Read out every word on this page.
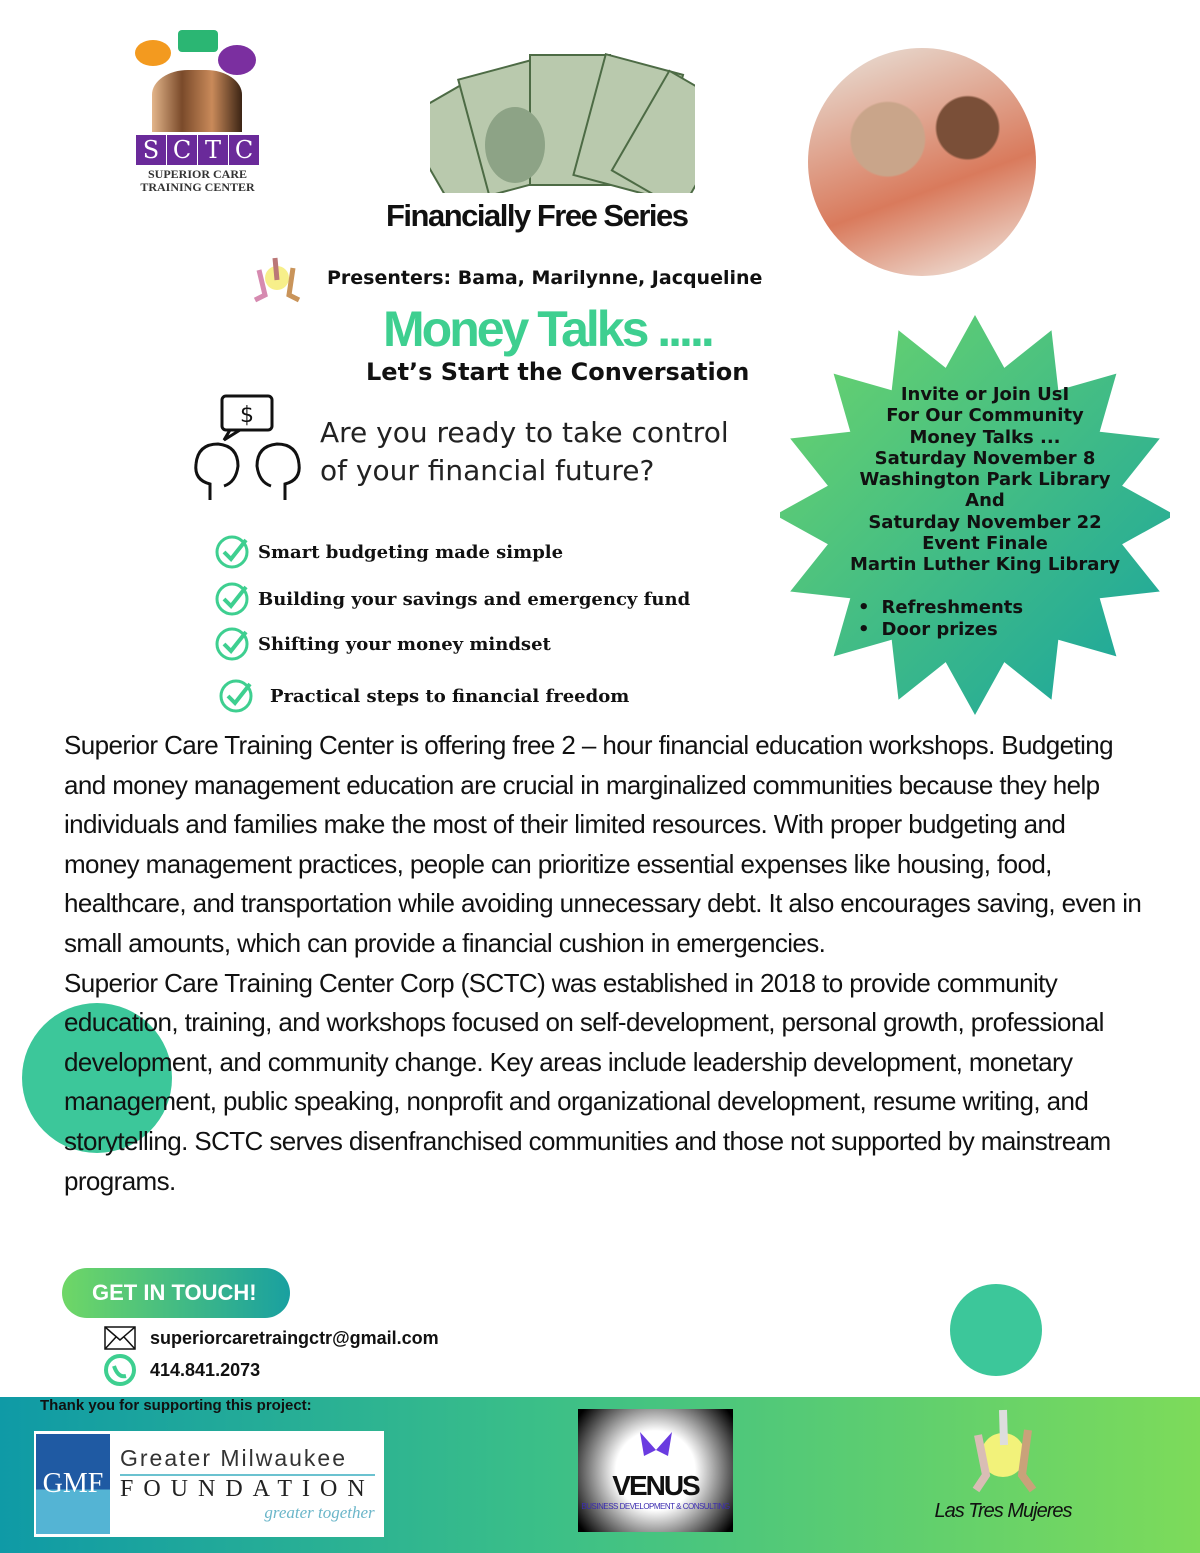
S C T C
SUPERIOR CARE
TRAINING CENTER
Financially Free Series
Presenters: Bama, Marilynne, Jacqueline
Money Talks .....
Let’s Start the Conversation
$
Are you ready to take control
of your financial future?
Smart budgeting made simple
Building your savings and emergency fund
Shifting your money mindset
Practical steps to financial freedom
Invite or Join UsI
For Our Community
Money Talks ...
Saturday November 8
Washington Park Library
And
Saturday November 22
Event Finale
Martin Luther King Library
• Refreshments
• Door prizes

Superior Care Training Center is offering free 2 – hour financial education workshops. Budgeting and money management education are crucial in marginalized communities because they help individuals and families make the most of their limited resources. With proper budgeting and money management practices, people can prioritize essential expenses like housing, food, healthcare, and transportation while avoiding unnecessary debt. It also encourages saving, even in small amounts, which can provide a financial cushion in emergencies.

Superior Care Training Center Corp (SCTC) was established in 2018 to provide community education, training, and workshops focused on self-development, personal growth, professional development, and community change. Key areas include leadership development, monetary management, public speaking, nonprofit and organizational development, resume writing, and storytelling. SCTC serves disenfranchised communities and those not supported by mainstream programs.

GET IN TOUCH!
superiorcaretraingctr@gmail.com
414.841.2073
Thank you for supporting this project:
GMF
Greater Milwaukee
FOUNDATION
greater together
VENUS
BUSINESS DEVELOPMENT & CONSULTING	Las Tres Mujeres
